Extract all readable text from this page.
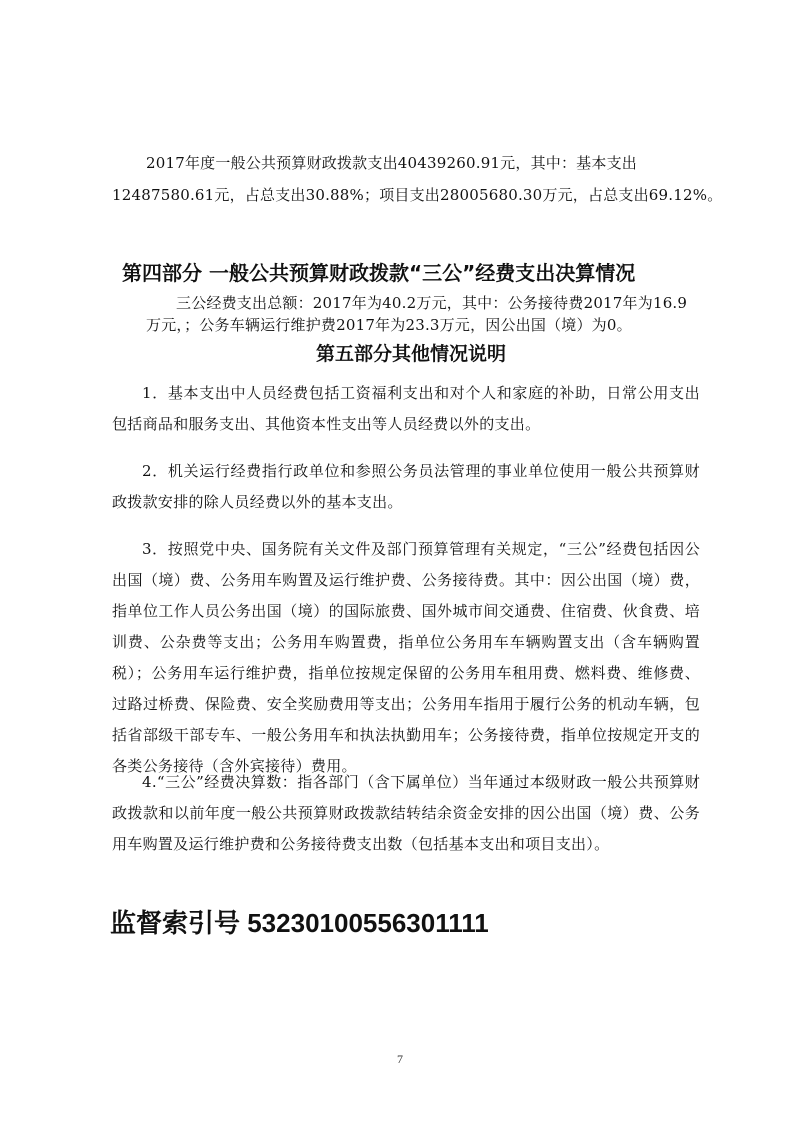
2017年度一般公共预算财政拨款支出40439260.91元，其中：基本支出
12487580.61元，占总支出30.88%；项目支出28005680.30万元，占总支出69.12%。
第四部分 一般公共预算财政拨款“三公”经费支出决算情况
三公经费支出总额：2017年为40.2万元，其中：公务接待费2017年为16.9
万元，；公务车辆运行维护费2017年为23.3万元，因公出国（境）为0。
第五部分其他情况说明
1．基本支出中人员经费包括工资福利支出和对个人和家庭的补助，日常公用支出包括商品和服务支出、其他资本性支出等人员经费以外的支出。
2．机关运行经费指行政单位和参照公务员法管理的事业单位使用一般公共预算财政拨款安排的除人员经费以外的基本支出。
3．按照党中央、国务院有关文件及部门预算管理有关规定，“三公”经费包括因公出国（境）费、公务用车购置及运行维护费、公务接待费。其中：因公出国（境）费，指单位工作人员公务出国（境）的国际旅费、国外城市间交通费、住宿费、伙食费、培训费、公杂费等支出；公务用车购置费，指单位公务用车车辆购置支出（含车辆购置税）；公务用车运行维护费，指单位按规定保留的公务用车租用费、燃料费、维修费、过路过桥费、保险费、安全奖励费用等支出；公务用车指用于履行公务的机动车辆，包括省部级干部专车、一般公务用车和执法执勤用车；公务接待费，指单位按规定开支的各类公务接待（含外宾接待）费用。
4.“三公”经费决算数：指各部门（含下属单位）当年通过本级财政一般公共预算财政拨款和以前年度一般公共预算财政拨款结转结余资金安排的因公出国（境）费、公务用车购置及运行维护费和公务接待费支出数（包括基本支出和项目支出）。
监督索引号 53230100556301111
7
